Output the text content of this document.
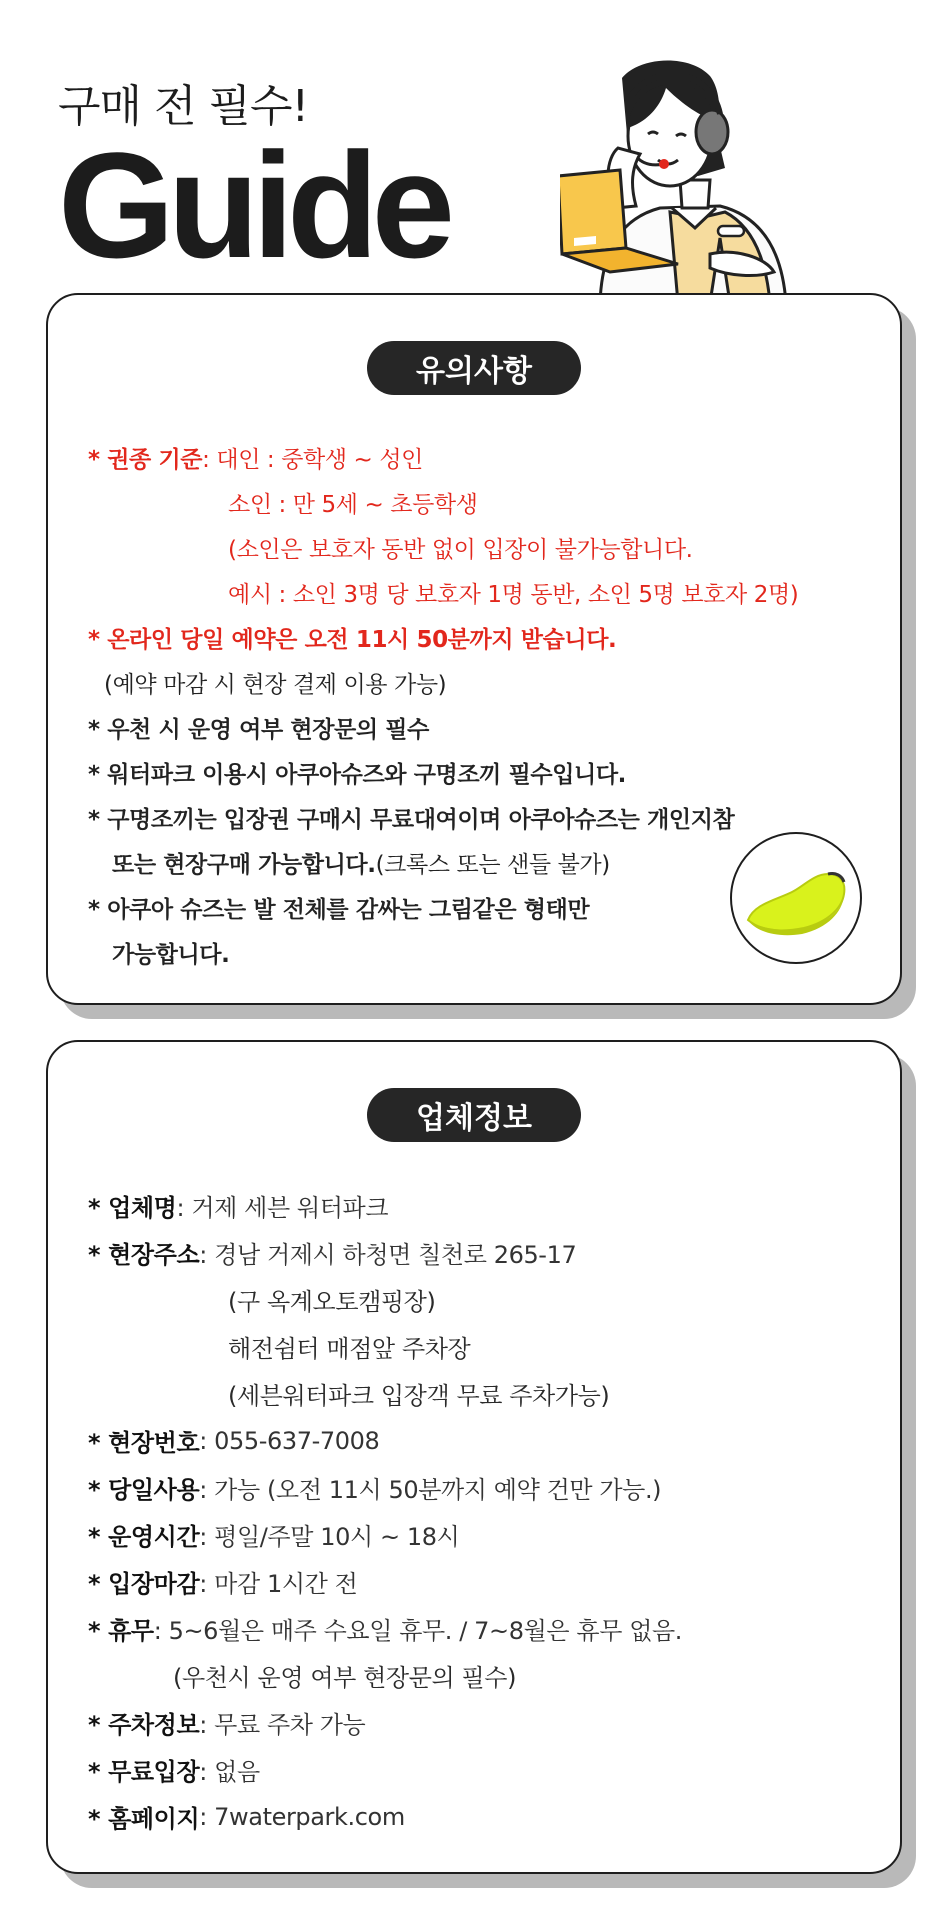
구매 전 필수!
Guide
유의사항
* 권종 기준 : 대인 : 중학생 ~ 성인
소인 : 만 5세 ~ 초등학생
(소인은 보호자 동반 없이 입장이 불가능합니다.
예시 : 소인 3명 당 보호자 1명 동반, 소인 5명 보호자 2명)
* 온라인 당일 예약은 오전 11시 50분까지 받습니다.
(예약 마감 시 현장 결제 이용 가능)
* 우천 시 운영 여부 현장문의 필수
* 워터파크 이용시 아쿠아슈즈와 구명조끼 필수입니다.
* 구명조끼는 입장권 구매시 무료대여이며 아쿠아슈즈는 개인지참
또는 현장구매 가능합니다. (크록스 또는 샌들 불가)
* 아쿠아 슈즈는 발 전체를 감싸는 그림같은 형태만
가능합니다.
업체정보
* 업체명 : 거제 세븐 워터파크
* 현장주소 : 경남 거제시 하청면 칠천로 265-17
(구 옥계오토캠핑장)
해전쉼터 매점앞 주차장
(세븐워터파크 입장객 무료 주차가능)
* 현장번호 : 055-637-7008
* 당일사용 : 가능 (오전 11시 50분까지 예약 건만 가능.)
* 운영시간 : 평일/주말 10시 ~ 18시
* 입장마감 : 마감 1시간 전
* 휴무 : 5~6월은 매주 수요일 휴무. / 7~8월은 휴무 없음.
(우천시 운영 여부 현장문의 필수)
* 주차정보 : 무료 주차 가능
* 무료입장 : 없음
* 홈페이지 : 7waterpark.com
